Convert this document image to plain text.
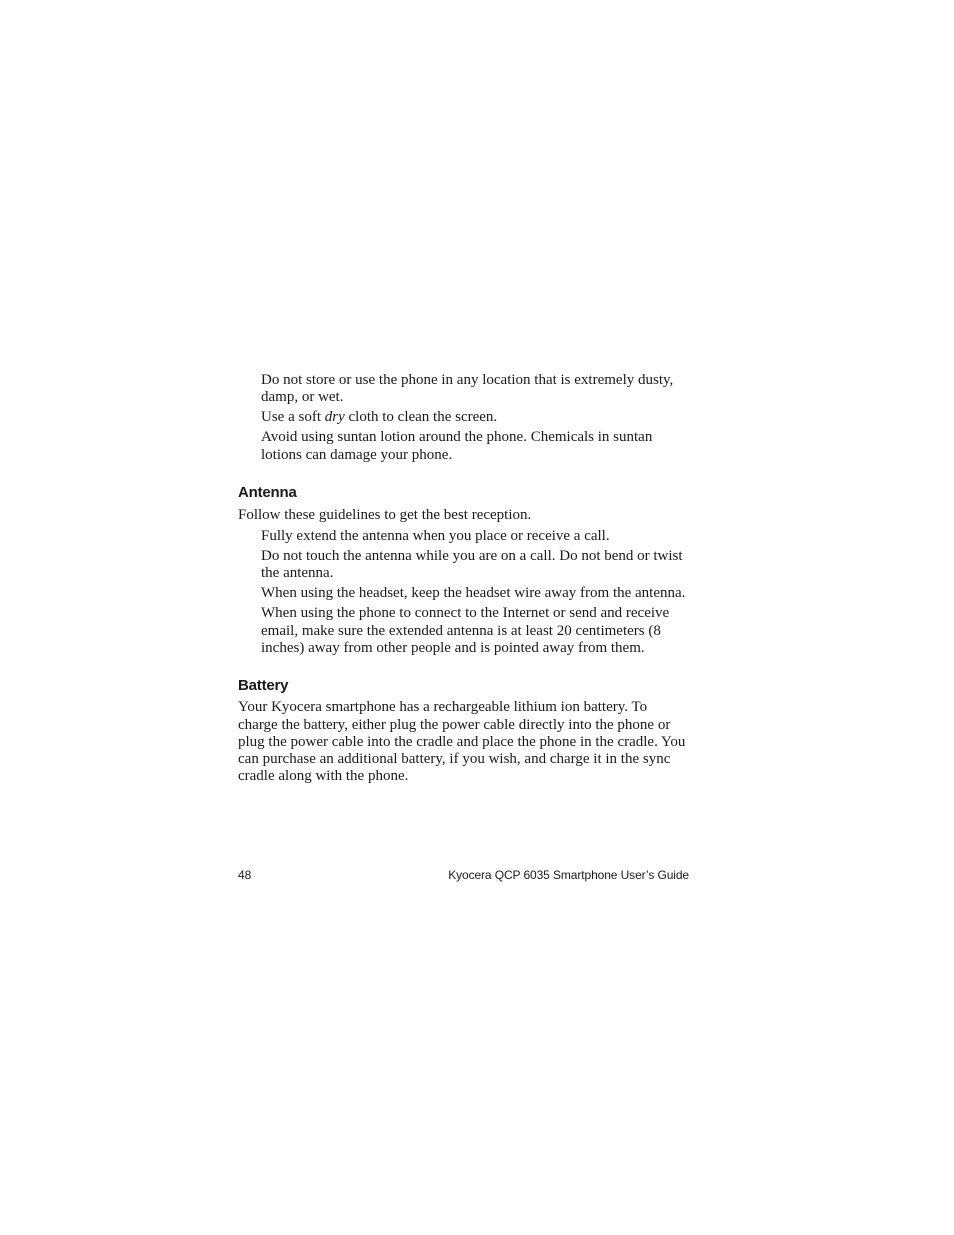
Do not store or use the phone in any location that is extremely dusty, damp, or wet.
Use a soft dry cloth to clean the screen.
Avoid using suntan lotion around the phone. Chemicals in suntan lotions can damage your phone.
Antenna

Follow these guidelines to get the best reception.

Fully extend the antenna when you place or receive a call.
Do not touch the antenna while you are on a call. Do not bend or twist the antenna.
When using the headset, keep the headset wire away from the antenna.
When using the phone to connect to the Internet or send and receive email, make sure the extended antenna is at least 20 centimeters (8 inches) away from other people and is pointed away from them.
Battery

Your Kyocera smartphone has a rechargeable lithium ion battery. To charge the battery, either plug the power cable directly into the phone or plug the power cable into the cradle and place the phone in the cradle. You can purchase an additional battery, if you wish, and charge it in the sync cradle along with the phone.

48	Kyocera QCP 6035 Smartphone User’s Guide
